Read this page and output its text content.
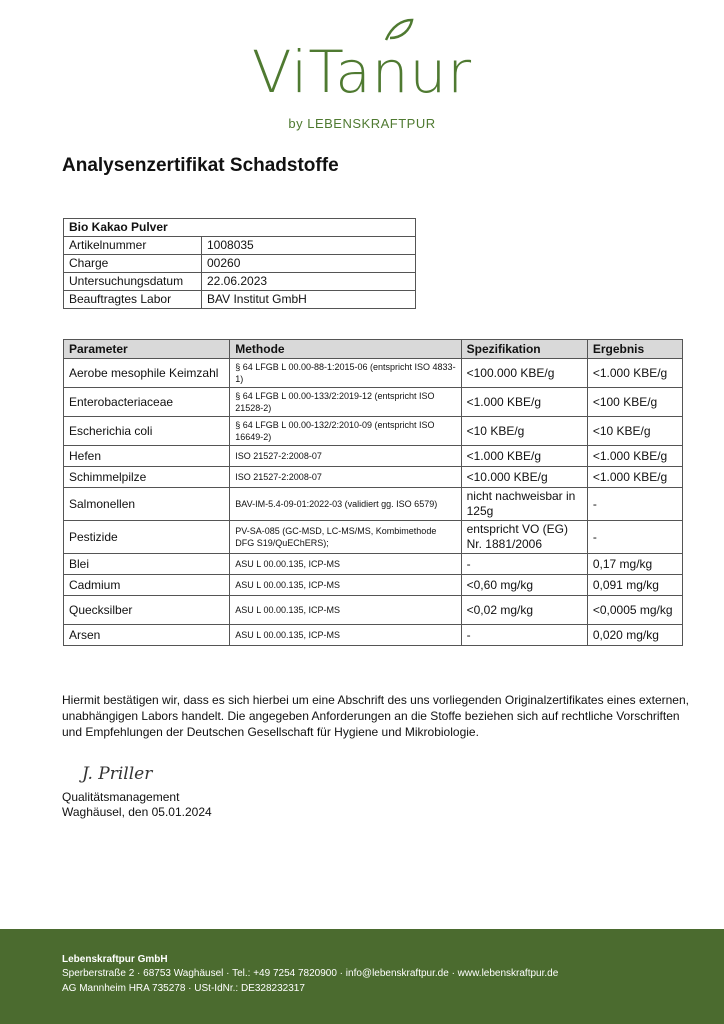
ViTanur
by LEBENSKRAFTPUR
Analysenzertifikat Schadstoffe
Bio Kakao Pulver	
Artikelnummer	1008035
Charge	00260
Untersuchungsdatum	22.06.2023
Beauftragtes Labor	BAV Institut GmbH
Parameter	Methode	Spezifikation	Ergebnis
Aerobe mesophile Keimzahl	§ 64 LFGB L 00.00-88-1:2015-06 (entspricht ISO 4833-1)	<100.000 KBE/g	<1.000 KBE/g
Enterobacteriaceae	§ 64 LFGB L 00.00-133/2:2019-12 (entspricht ISO 21528-2)	<1.000 KBE/g	<100 KBE/g
Escherichia coli	§ 64 LFGB L 00.00-132/2:2010-09 (entspricht ISO 16649-2)	<10 KBE/g	<10 KBE/g
Hefen	ISO 21527-2:2008-07	<1.000 KBE/g	<1.000 KBE/g
Schimmelpilze	ISO 21527-2:2008-07	<10.000 KBE/g	<1.000 KBE/g
Salmonellen	BAV-IM-5.4-09-01:2022-03 (validiert gg. ISO 6579)	nicht nachweisbar in 125g	-
Pestizide	PV-SA-085 (GC-MSD, LC-MS/MS, Kombimethode DFG S19/QuEChERS);	entspricht VO (EG) Nr. 1881/2006	-
Blei	ASU L 00.00.135, ICP-MS	-	0,17 mg/kg
Cadmium	ASU L 00.00.135, ICP-MS	<0,60 mg/kg	0,091 mg/kg
Quecksilber	ASU L 00.00.135, ICP-MS	<0,02 mg/kg	<0,0005 mg/kg
Arsen	ASU L 00.00.135, ICP-MS	-	0,020 mg/kg
Hiermit bestätigen wir, dass es sich hierbei um eine Abschrift des uns vorliegenden Originalzertifikates eines externen, unabhängigen Labors handelt. Die angegeben Anforderungen an die Stoffe beziehen sich auf rechtliche Vorschriften und Empfehlungen der Deutschen Gesellschaft für Hygiene und Mikrobiologie.
J. Priller
Qualitätsmanagement
Waghäusel, den 05.01.2024
Lebenskraftpur GmbH
Sperberstraße 2 · 68753 Waghäusel · Tel.: +49 7254 7820900 · info@lebenskraftpur.de · www.lebenskraftpur.de
AG Mannheim HRA 735278 · USt-IdNr.: DE328232317
